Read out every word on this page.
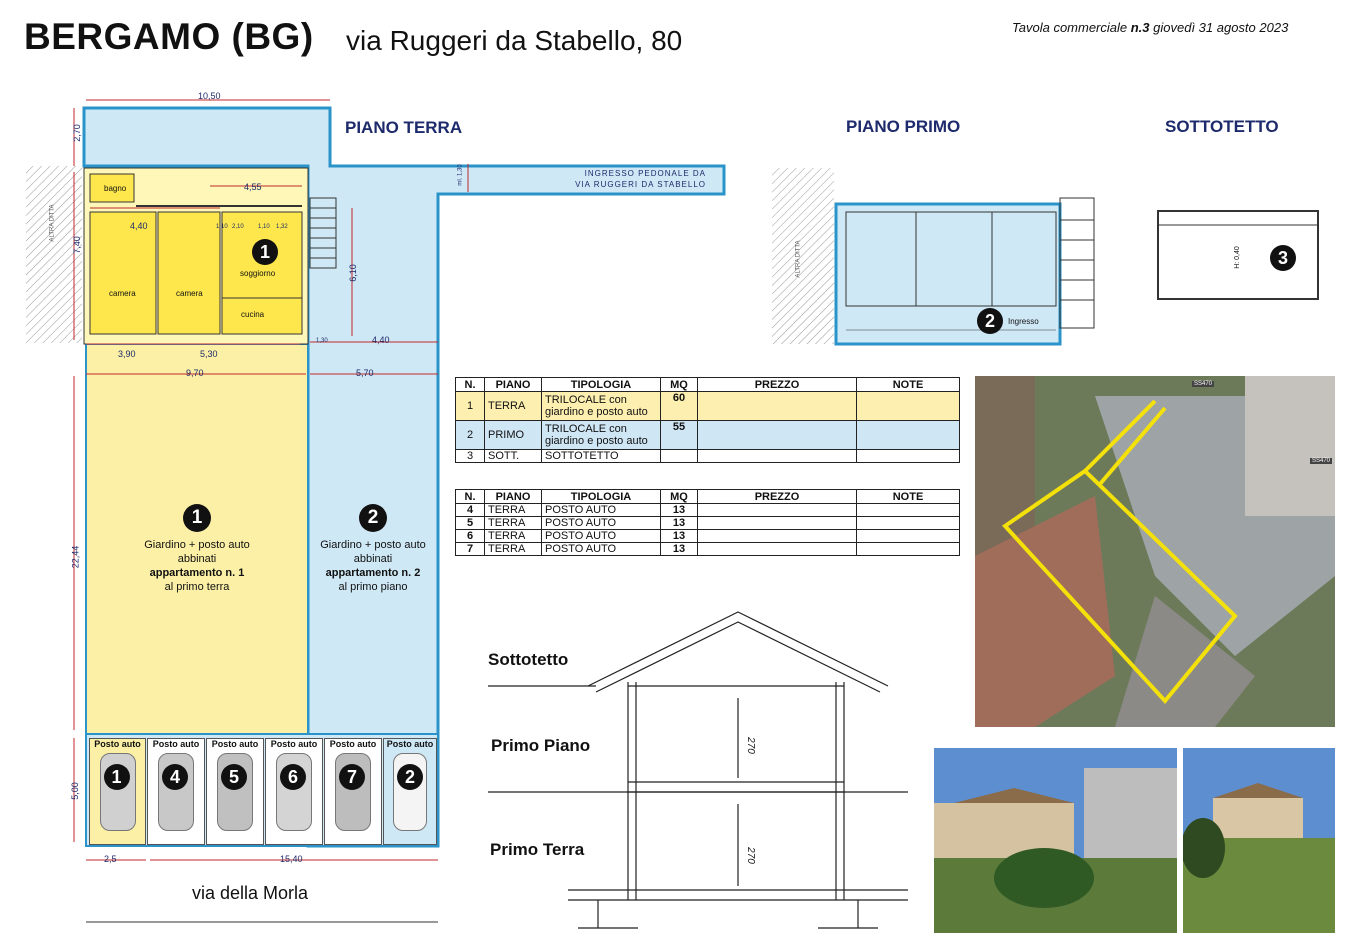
BERGAMO (BG) via Ruggeri da Stabello, 80	Tavola commerciale n.3 giovedì 31 agosto 2023
PIANO TERRA	PIANO PRIMO	SOTTOTETTO
10,50
2,70
7,40
6,10
4,55
4,40	1,10 2,10 1,10 1,32
1,30	4,40
3,90	5,30
9,70	5,70
22,44
5,00
2,5	15,40
ml. 1,30
bagno
soggiorno
camera	camera
cucina
1
ALTRA DITTA
INGRESSO PEDONALE DA
VIA RUGGERI DA STABELLO
1
Giardino + posto auto
abbinati
appartamento n. 1
al primo terra
2
Giardino + posto auto
abbinati
appartamento n. 2
al primo piano
Posto auto
1
Posto auto
4
Posto auto
5
Posto auto
6
Posto auto
7
Posto auto
2
via della Morla
2	Ingresso
ALTRA DITTA	3
H: 0,40
N.	PIANO	TIPOLOGIA	MQ	PREZZO	NOTE
1	TERRA	TRILOCALE con
giardino e posto auto	60		
2	PRIMO	TRILOCALE con
giardino e posto auto	55		
3	SOTT.	SOTTOTETTO			
N.	PIANO	TIPOLOGIA	MQ	PREZZO	NOTE
4	TERRA	POSTO AUTO	13		
5	TERRA	POSTO AUTO	13		
6	TERRA	POSTO AUTO	13		
7	TERRA	POSTO AUTO	13		
Sottotetto
Primo Piano
Primo Terra
270
270
SS470
SS470
